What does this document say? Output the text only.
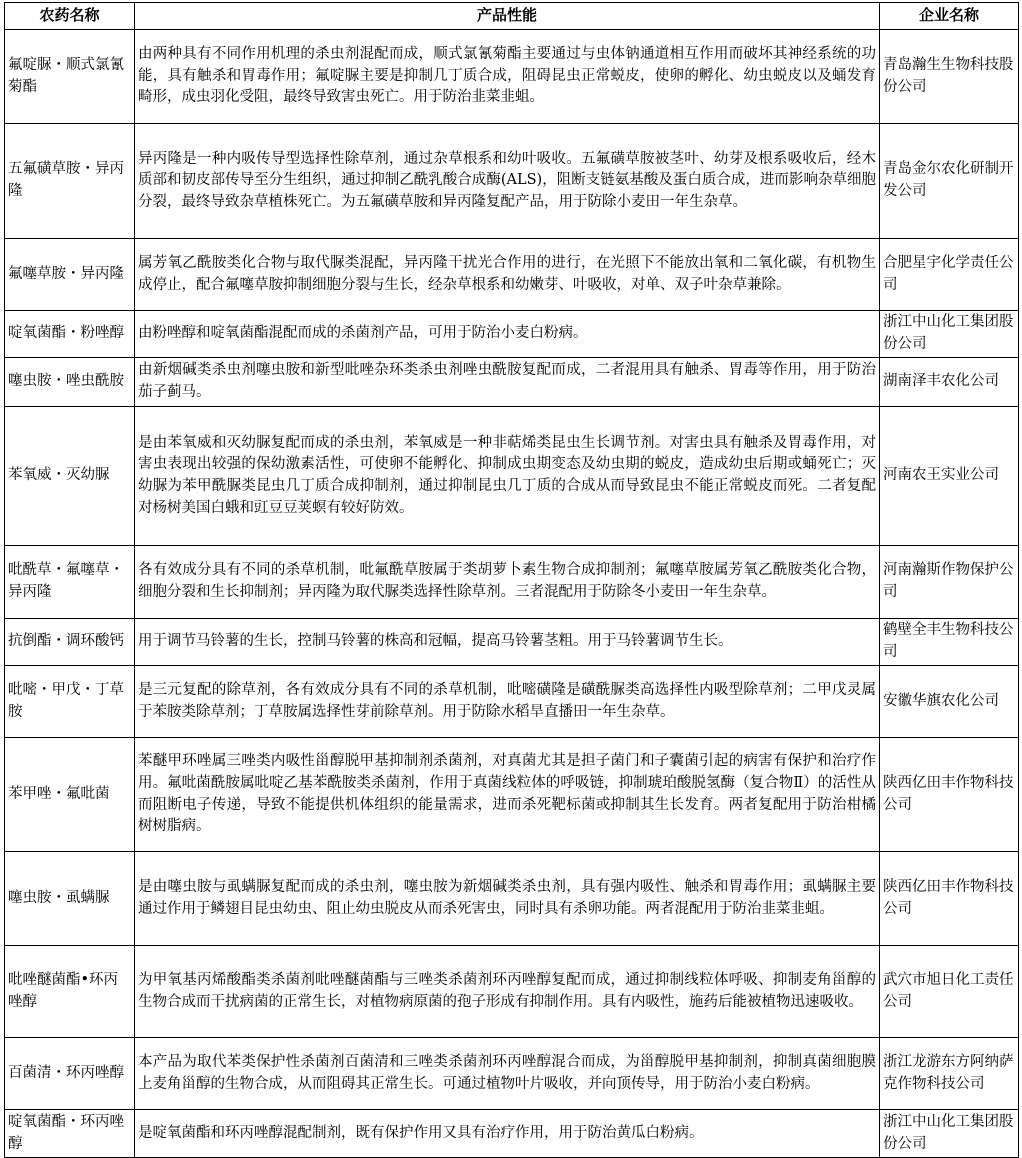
农药名称	产品性能	企业名称
氟啶脲・顺式氯氰菊酯	由两种具有不同作用机理的杀虫剂混配而成，顺式氯氰菊酯主要通过与虫体钠通道相互作用而破坏其神经系统的功能，具有触杀和胃毒作用；氟啶脲主要是抑制几丁质合成，阻碍昆虫正常蜕皮，使卵的孵化、幼虫蜕皮以及蛹发育畸形，成虫羽化受阻，最终导致害虫死亡。用于防治韭菜韭蛆。	青岛瀚生生物科技股份公司
五氟磺草胺・异丙隆	异丙隆是一种内吸传导型选择性除草剂，通过杂草根系和幼叶吸收。五氟磺草胺被茎叶、幼芽及根系吸收后，经木质部和韧皮部传导至分生组织，通过抑制乙酰乳酸合成酶(ALS)，阻断支链氨基酸及蛋白质合成，进而影响杂草细胞分裂，最终导致杂草植株死亡。为五氟磺草胺和异丙隆复配产品，用于防除小麦田一年生杂草。	青岛金尔农化研制开发公司
氟噻草胺・异丙隆	属芳氧乙酰胺类化合物与取代脲类混配，异丙隆干扰光合作用的进行，在光照下不能放出氧和二氧化碳，有机物生成停止，配合氟噻草胺抑制细胞分裂与生长，经杂草根系和幼嫩芽、叶吸收，对单、双子叶杂草兼除。	合肥星宇化学责任公司
啶氧菌酯・粉唑醇	由粉唑醇和啶氧菌酯混配而成的杀菌剂产品，可用于防治小麦白粉病。	浙江中山化工集团股份公司
噻虫胺・唑虫酰胺	由新烟碱类杀虫剂噻虫胺和新型吡唑杂环类杀虫剂唑虫酰胺复配而成，二者混用具有触杀、胃毒等作用，用于防治茄子蓟马。	湖南泽丰农化公司
苯氧威・灭幼脲	是由苯氧威和灭幼脲复配而成的杀虫剂，苯氧威是一种非萜烯类昆虫生长调节剂。对害虫具有触杀及胃毒作用，对害虫表现出较强的保幼激素活性，可使卵不能孵化、抑制成虫期变态及幼虫期的蜕皮，造成幼虫后期或蛹死亡；灭幼脲为苯甲酰脲类昆虫几丁质合成抑制剂，通过抑制昆虫几丁质的合成从而导致昆虫不能正常蜕皮而死。二者复配对杨树美国白蛾和豇豆豆荚螟有较好防效。	河南农王实业公司
吡酰草・氟噻草・异丙隆	各有效成分具有不同的杀草机制，吡氟酰草胺属于类胡萝卜素生物合成抑制剂；氟噻草胺属芳氧乙酰胺类化合物，细胞分裂和生长抑制剂；异丙隆为取代脲类选择性除草剂。三者混配用于防除冬小麦田一年生杂草。	河南瀚斯作物保护公司
抗倒酯・调环酸钙	用于调节马铃薯的生长，控制马铃薯的株高和冠幅，提高马铃薯茎粗。用于马铃薯调节生长。	鹤壁全丰生物科技公司
吡嘧・甲戊・丁草胺	是三元复配的除草剂，各有效成分具有不同的杀草机制，吡嘧磺隆是磺酰脲类高选择性内吸型除草剂；二甲戊灵属于苯胺类除草剂；丁草胺属选择性芽前除草剂。用于防除水稻旱直播田一年生杂草。	安徽华旗农化公司
苯甲唑・氟吡菌	苯醚甲环唑属三唑类内吸性甾醇脱甲基抑制剂杀菌剂，对真菌尤其是担子菌门和子囊菌引起的病害有保护和治疗作用。氟吡菌酰胺属吡啶乙基苯酰胺类杀菌剂，作用于真菌线粒体的呼吸链，抑制琥珀酸脱氢酶（复合物Ⅱ）的活性从而阻断电子传递，导致不能提供机体组织的能量需求，进而杀死靶标菌或抑制其生长发育。两者复配用于防治柑橘树树脂病。	陕西亿田丰作物科技公司
噻虫胺・虱螨脲	是由噻虫胺与虱螨脲复配而成的杀虫剂，噻虫胺为新烟碱类杀虫剂，具有强内吸性、触杀和胃毒作用；虱螨脲主要通过作用于鳞翅目昆虫幼虫、阻止幼虫脱皮从而杀死害虫，同时具有杀卵功能。两者混配用于防治韭菜韭蛆。	陕西亿田丰作物科技公司
吡唑醚菌酯•环丙唑醇	为甲氧基丙烯酸酯类杀菌剂吡唑醚菌酯与三唑类杀菌剂环丙唑醇复配而成，通过抑制线粒体呼吸、抑制麦角甾醇的生物合成而干扰病菌的正常生长，对植物病原菌的孢子形成有抑制作用。具有内吸性，施药后能被植物迅速吸收。	武穴市旭日化工责任公司
百菌清・环丙唑醇	本产品为取代苯类保护性杀菌剂百菌清和三唑类杀菌剂环丙唑醇混合而成，为甾醇脱甲基抑制剂，抑制真菌细胞膜上麦角甾醇的生物合成，从而阻碍其正常生长。可通过植物叶片吸收，并向顶传导，用于防治小麦白粉病。	浙江龙游东方阿纳萨克作物科技公司
啶氧菌酯・环丙唑醇	是啶氧菌酯和环丙唑醇混配制剂，既有保护作用又具有治疗作用，用于防治黄瓜白粉病。	浙江中山化工集团股份公司
